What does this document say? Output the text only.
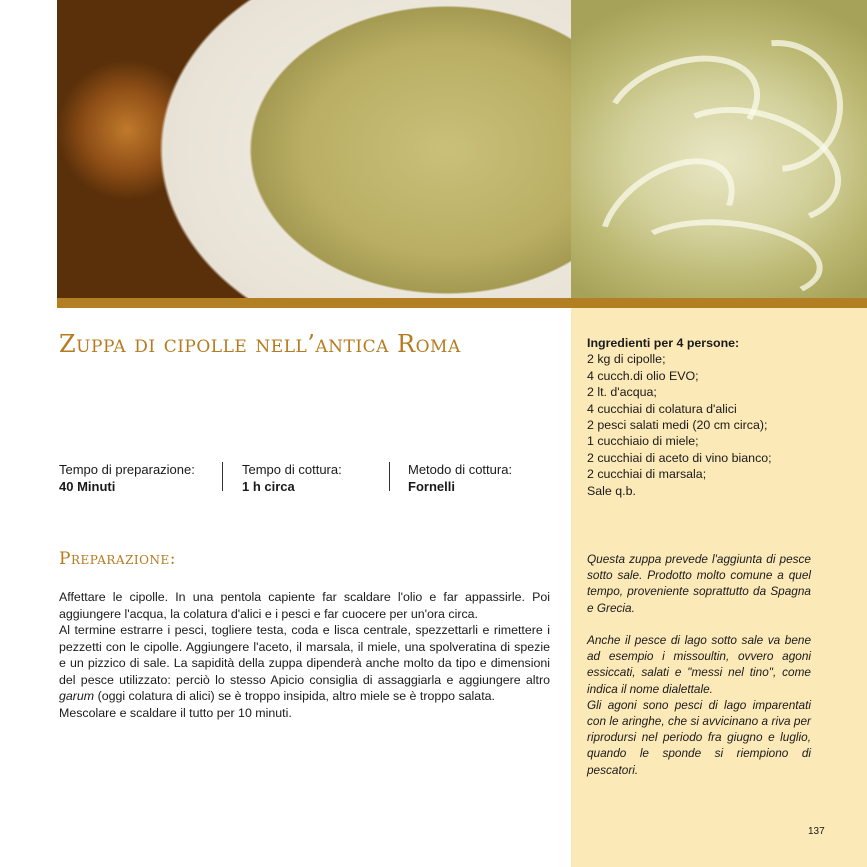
Zuppa di cipolle nell’antica Roma
Tempo di preparazione:
40 Minuti
Tempo di cottura:
1 h circa
Metodo di cottura:
Fornelli
Preparazione:

Affettare le cipolle. In una pentola capiente far scaldare l'olio e far appassirle. Poi aggiungere l'acqua, la colatura d'alici e i pesci e far cuocere per un'ora circa.

Al termine estrarre i pesci, togliere testa, coda e lisca centrale, spezzettarli e rimettere i pezzetti con le cipolle. Aggiungere l'aceto, il marsala, il miele, una spolveratina di spezie e un pizzico di sale. La sapidità della zuppa dipenderà anche molto da tipo e dimensioni del pesce utilizzato: perciò lo stesso Apicio consiglia di assaggiarla e aggiungere altro garum (oggi colatura di alici) se è troppo insipida, altro miele se è troppo salata.

Mescolare e scaldare il tutto per 10 minuti.

Ingredienti per 4 persone:
2 kg di cipolle;
4 cucch.di olio EVO;
2 lt. d'acqua;
4 cucchiai di colatura d'alici
2 pesci salati medi (20 cm circa);
1 cucchiaio di miele;
2 cucchiai di aceto di vino bianco;
2 cucchiai di marsala;
Sale q.b.

Questa zuppa prevede l'aggiunta di pesce sotto sale. Prodotto molto comune a quel tempo, proveniente soprattutto da Spagna e Grecia.

Anche il pesce di lago sotto sale va bene ad esempio i missoultin, ovvero agoni essiccati, salati e "messi nel tino", come indica il nome dialettale.

Gli agoni sono pesci di lago imparentati con le aringhe, che si avvicinano a riva per riprodursi nel periodo fra giugno e luglio, quando le sponde si riempiono di pescatori.

137
